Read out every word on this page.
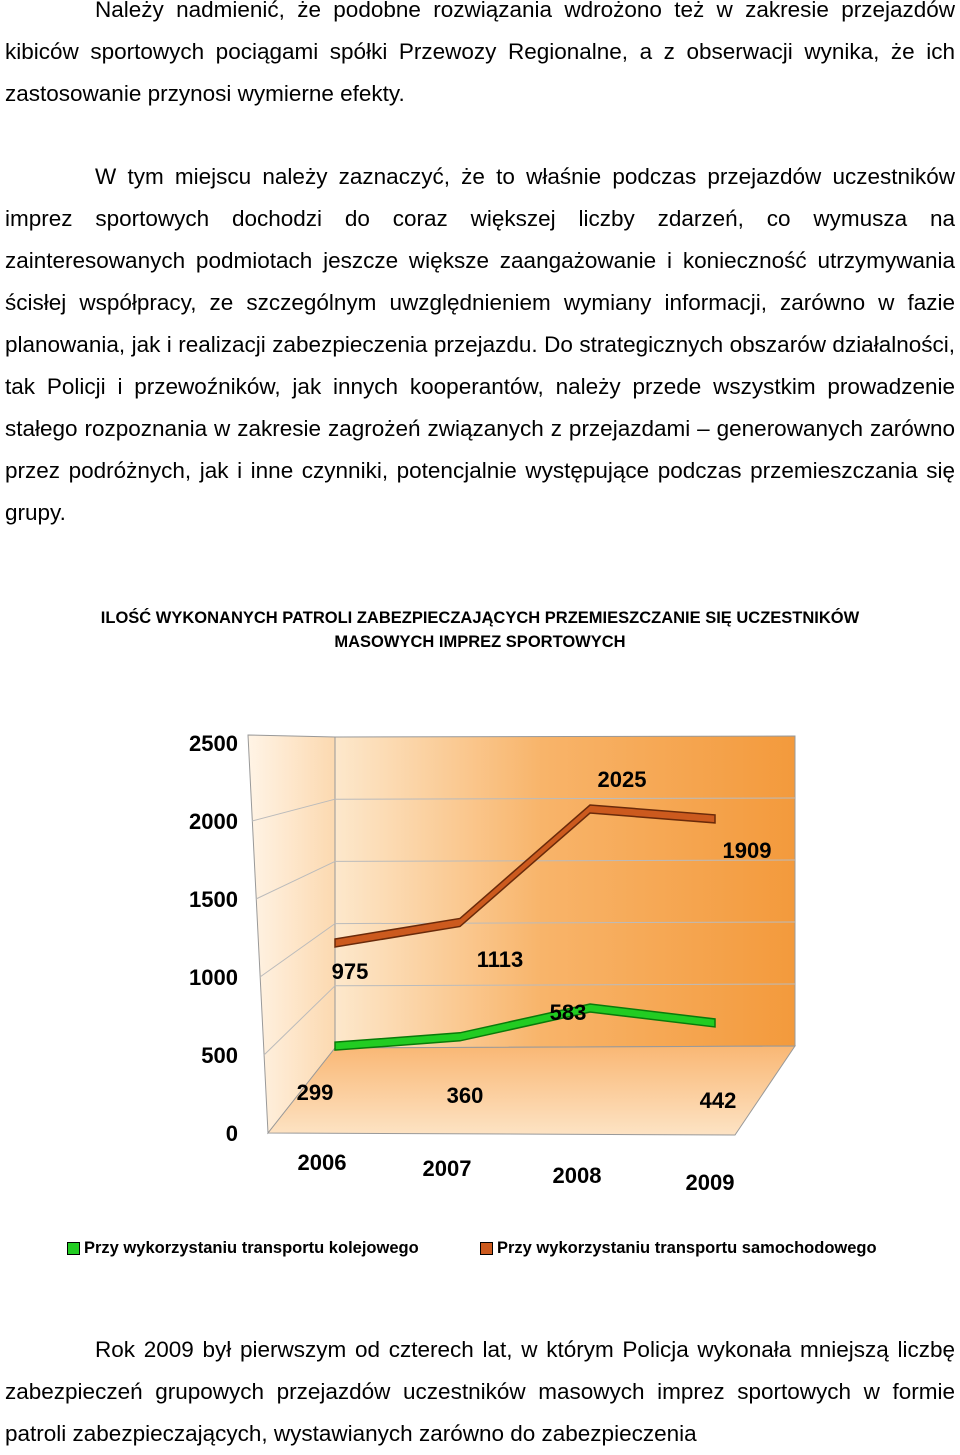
Należy nadmienić, że podobne rozwiązania wdrożono też w zakresie przejazdów kibiców sportowych pociągami spółki Przewozy Regionalne, a z obserwacji wynika, że ich zastosowanie przynosi wymierne efekty.
W tym miejscu należy zaznaczyć, że to właśnie podczas przejazdów uczestników imprez sportowych dochodzi do coraz większej liczby zdarzeń, co wymusza na zainteresowanych podmiotach jeszcze większe zaangażowanie i konieczność utrzymywania ścisłej współpracy, ze szczególnym uwzględnieniem wymiany informacji, zarówno w fazie planowania, jak i realizacji zabezpieczenia przejazdu. Do strategicznych obszarów działalności, tak Policji i przewoźników, jak innych kooperantów, należy przede wszystkim prowadzenie stałego rozpoznania w zakresie zagrożeń związanych z przejazdami – generowanych zarówno przez podróżnych, jak i inne czynniki, potencjalnie występujące podczas przemieszczania się grupy.
ILOŚĆ WYKONANYCH PATROLI ZABEZPIECZAJĄCYCH PRZEMIESZCZANIE SIĘ UCZESTNIKÓW MASOWYCH IMPREZ SPORTOWYCH
0
500
1000
1500
2000
2500
2006	2007	2008	2009
299	360
583
442
975	1113
2025
1909
Przy wykorzystaniu transportu kolejowego	Przy wykorzystaniu transportu samochodowego
Rok 2009 był pierwszym od czterech lat, w którym Policja wykonała mniejszą liczbę zabezpieczeń grupowych przejazdów uczestników masowych imprez sportowych w formie patroli zabezpieczających, wystawianych zarówno do zabezpieczenia
